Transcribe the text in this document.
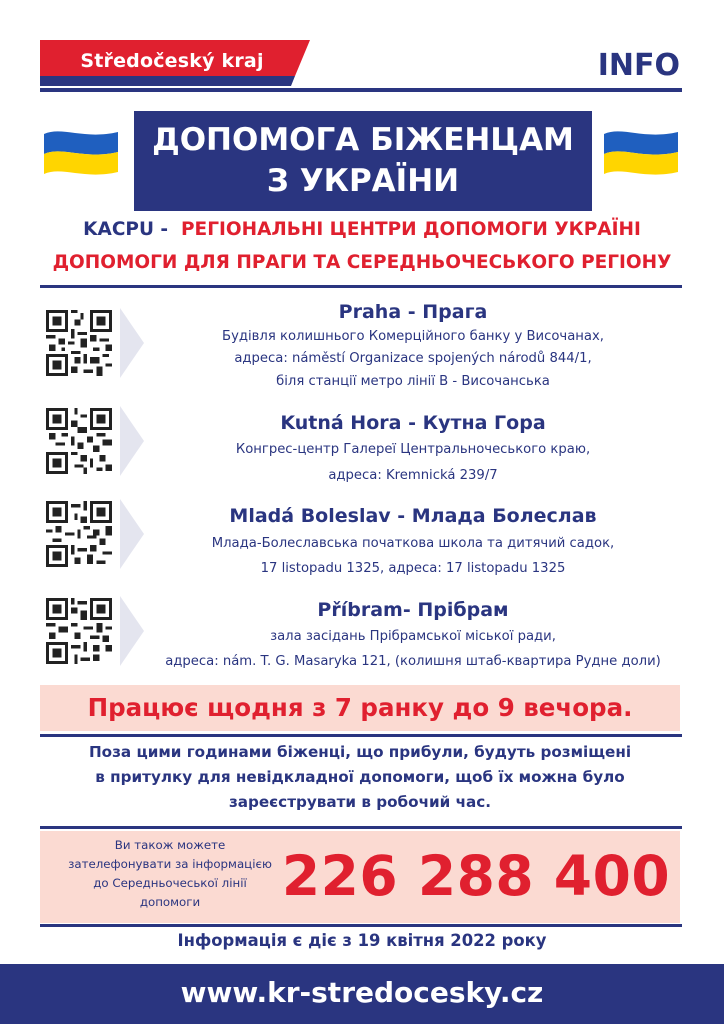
Středočeský kraj	INFO
ДОПОМОГА БІЖЕНЦАМ
З УКРАЇНИ
KACPU - РЕГІОНАЛЬНІ ЦЕНТРИ ДОПОМОГИ УКРАЇНІ
ДОПОМОГИ ДЛЯ ПРАГИ ТА СЕРЕДНЬОЧЕСЬКОГО РЕГІОНУ
Praha - Прага
Будівля колишнього Комерційного банку у Височанах,
адреса: náměstí Organizace spojených národů 844/1,
біля станції метро лінії B - Височанська
Kutná Hora - Кутна Гора
Конгрес-центр Галереї Центральночеського краю,
адреса: Kremnická 239/7
Mladá Boleslav - Млада Болеслав
Млада-Болеславська початкова школа та дитячий садок,
17 listopadu 1325, адреса: 17 listopadu 1325
Příbram- Прібрам
зала засідань Прібрамської міської ради,
адреса: nám. T. G. Masaryka 121, (колишня штаб-квартира Рудне доли)
Працює щодня з 7 ранку до 9 вечора.
Поза цими годинами біженці, що прибули, будуть розміщені
в притулку для невідкладної допомоги, щоб їх можна було
зареєструвати в робочий час.
Ви також можете
зателефонувати за інформацією
до Середньочеської лінії
допомоги	226 288 400
Інформація є діє з 19 квітня 2022 року
www.kr-stredocesky.cz
